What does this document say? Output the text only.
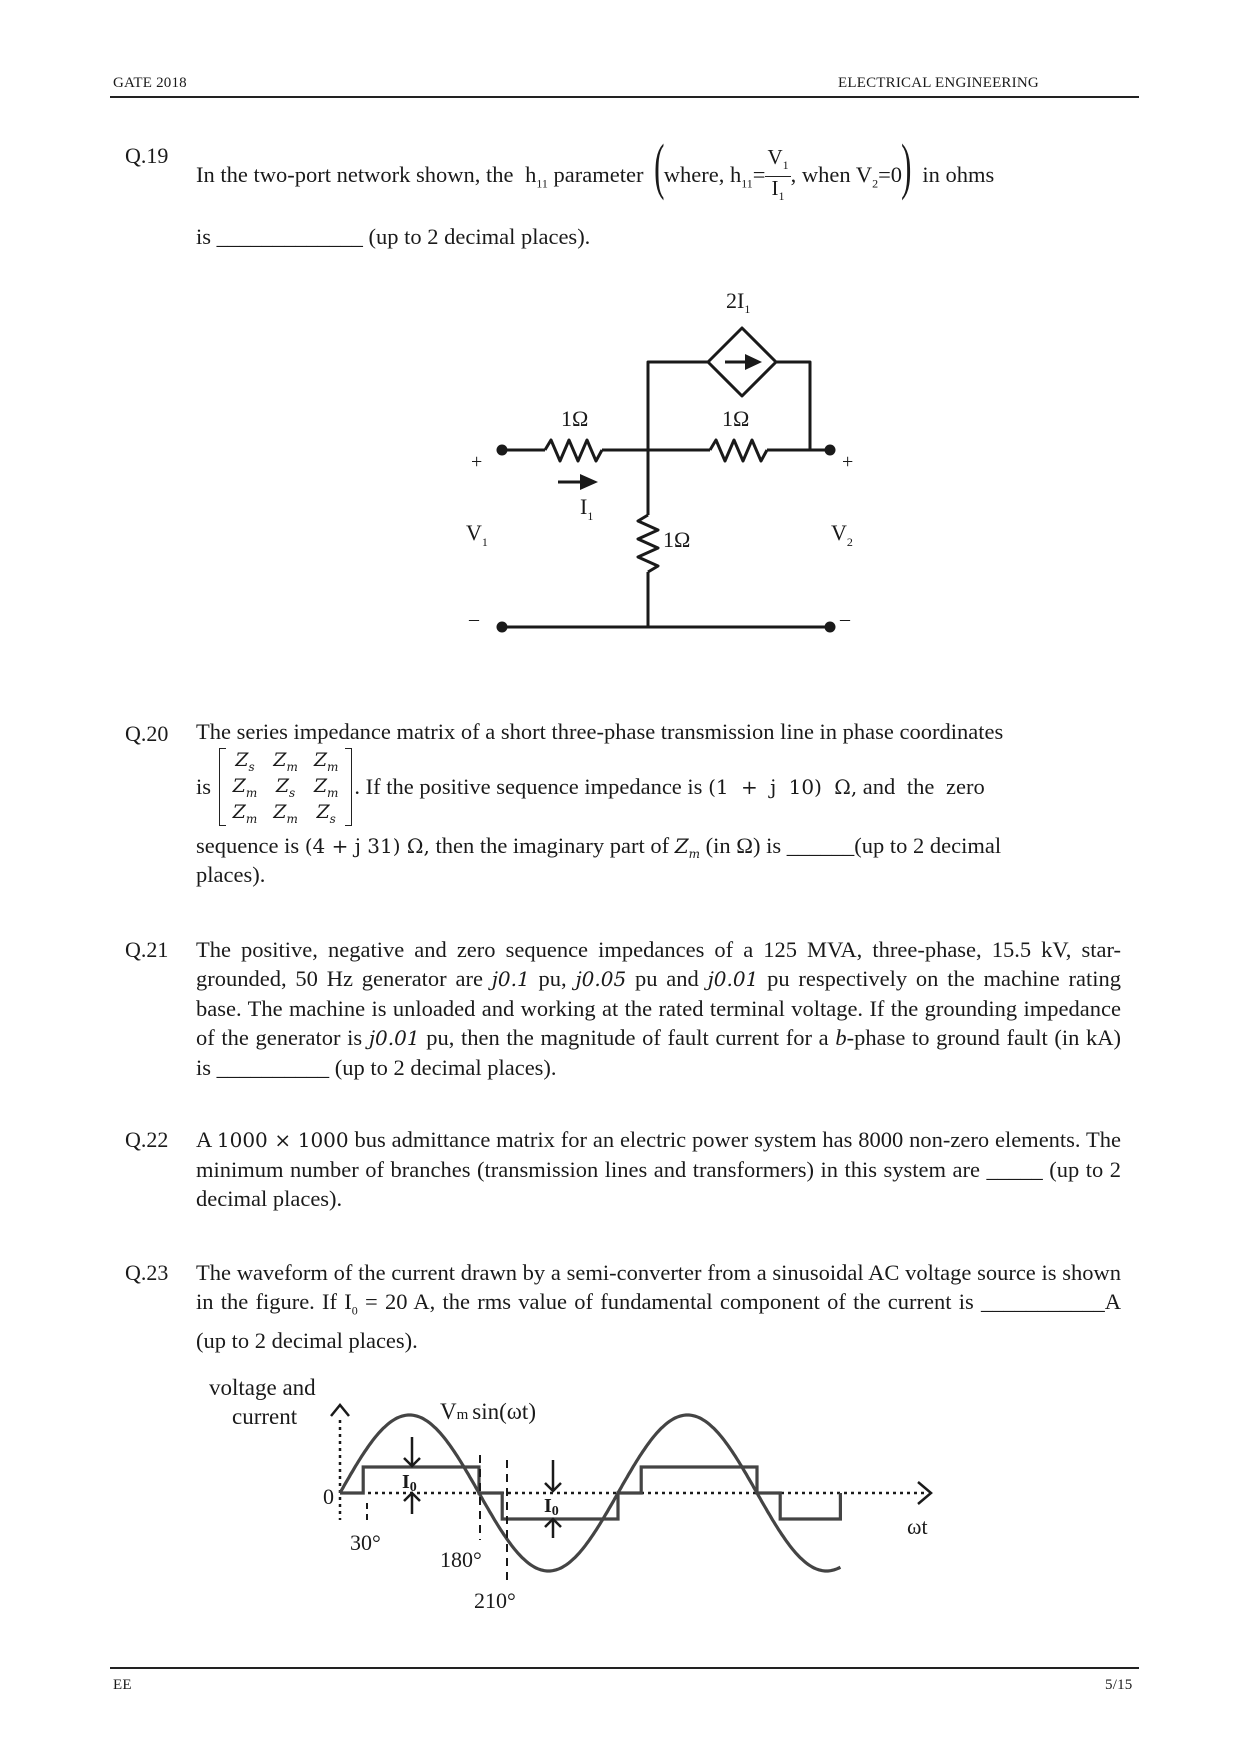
GATE 2018	ELECTRICAL ENGINEERING
Q.19
In the two-port network shown, the $h_{11}$ parameter (where, $h_{11}= \frac{V_1}{I_1}$ , when $V_2=0$) in ohms
is _____________ (up to 2 decimal places).
$2I_1$
1Ω	1Ω
1Ω
$I_1$
$V_1$	$V_2$
+	+
–	–
Q.20 The series impedance matrix of a short three-phase transmission line in phase coordinates
is
$Z_s$	$Z_m$	$Z_m$
$Z_m$	$Z_s$	$Z_m$
$Z_m$	$Z_m$	$Z_s$
. If the positive sequence impedance is (1 + j 10) Ω, and the zero
sequence is (4 + j 31) Ω, then the imaginary part of $Z_m$ (in Ω) is ______(up to 2 decimal
places).
Q.21 The positive, negative and zero sequence impedances of a 125 MVA, three-phase, 15.5 kV, star-grounded, 50 Hz generator are j0.1 pu, j0.05 pu and j0.01 pu respectively on the machine rating base. The machine is unloaded and working at the rated terminal voltage. If the grounding impedance of the generator is j0.01 pu, then the magnitude of fault current for a b-phase to ground fault (in kA) is __________ (up to 2 decimal places).
Q.22 A 1000 × 1000 bus admittance matrix for an electric power system has 8000 non-zero elements. The minimum number of branches (transmission lines and transformers) in this system are _____ (up to 2 decimal places).
Q.23 The waveform of the current drawn by a semi-converter from a sinusoidal AC voltage source is shown in the figure. If $I_0 = 20$ A, the rms value of fundamental component of the current is ___________A (up to 2 decimal places).
voltage and
current	Vm sin(ωt)
0
ωt
30°
180°
210°
I0
I0
EE	5/15
